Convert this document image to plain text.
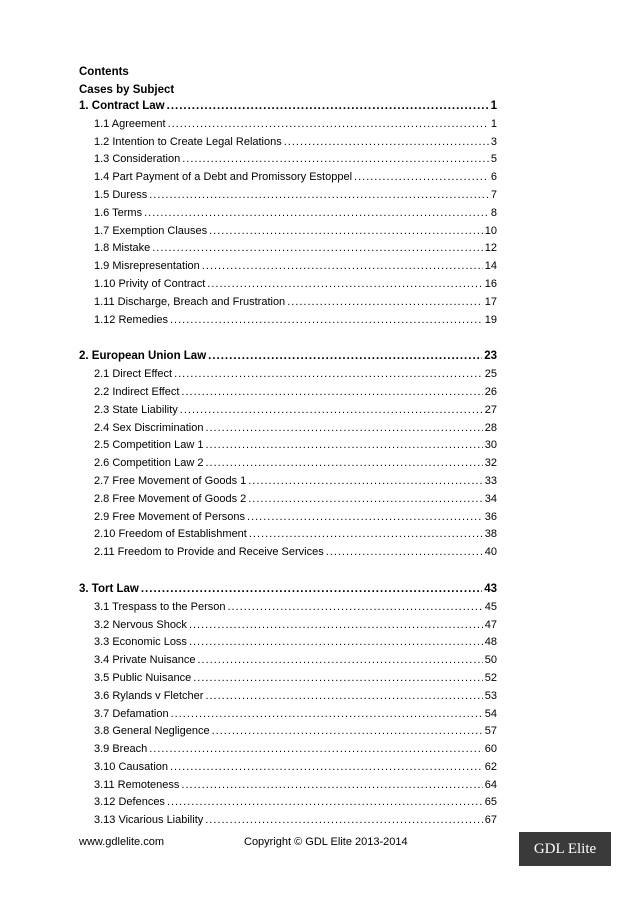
Contents
Cases by Subject
1. Contract Law .....	1
1.1 Agreement .....	1
1.2 Intention to Create Legal Relations .....	3
1.3 Consideration .....	5
1.4 Part Payment of a Debt and Promissory Estoppel .....	6
1.5 Duress .....	7
1.6 Terms .....	8
1.7 Exemption Clauses .....	10
1.8 Mistake .....	12
1.9 Misrepresentation .....	14
1.10 Privity of Contract .....	16
1.11 Discharge, Breach and Frustration .....	17
1.12 Remedies .....	19
2. European Union Law .....	23
2.1 Direct Effect .....	25
2.2 Indirect Effect .....	26
2.3 State Liability .....	27
2.4 Sex Discrimination .....	28
2.5 Competition Law 1 .....	30
2.6 Competition Law 2 .....	32
2.7 Free Movement of Goods 1 .....	33
2.8 Free Movement of Goods 2 .....	34
2.9 Free Movement of Persons .....	36
2.10 Freedom of Establishment .....	38
2.11 Freedom to Provide and Receive Services .....	40
3. Tort Law .....	43
3.1 Trespass to the Person .....	45
3.2 Nervous Shock .....	47
3.3 Economic Loss .....	48
3.4 Private Nuisance .....	50
3.5 Public Nuisance .....	52
3.6 Rylands v Fletcher .....	53
3.7 Defamation .....	54
3.8 General Negligence .....	57
3.9 Breach .....	60
3.10 Causation .....	62
3.11 Remoteness .....	64
3.12 Defences .....	65
3.13 Vicarious Liability .....	67
www.gdlelite.com	Copyright © GDL Elite 2013-2014	GDL Elite
